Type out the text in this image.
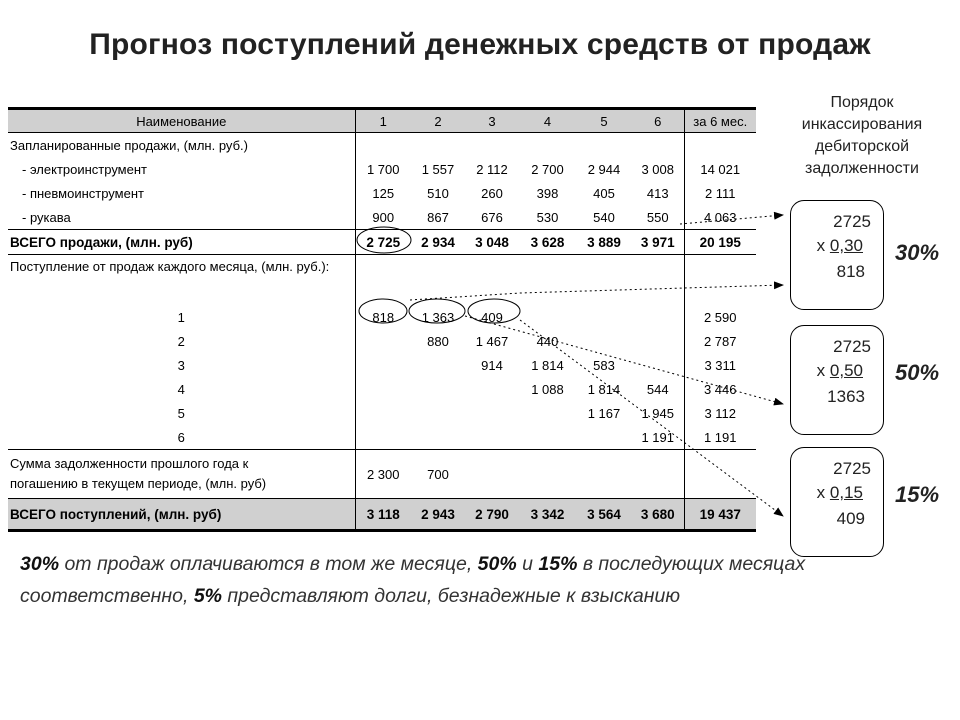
Прогноз поступлений денежных средств от продаж
Наименование	1	2	3	4	5	6	за 6 мес.
Запланированные продажи, (млн. руб.)							
- электроинструмент	1 700	1 557	2 112	2 700	2 944	3 008	14 021
- пневмоинструмент	125	510	260	398	405	413	2 111
- рукава	900	867	676	530	540	550	4 063
ВСЕГО продажи, (млн. руб)	2 725	2 934	3 048	3 628	3 889	3 971	20 195
Поступление от продаж каждого месяца, (млн. руб.):							
1	818	1 363	409				2 590
2		880	1 467	440			2 787
3			914	1 814	583		3 311
4				1 088	1 814	544	3 446
5					1 167	1 945	3 112
6						1 191	1 191
Сумма задолженности прошлого года к
погашению в текущем периоде, (млн. руб)	2 300	700					
ВСЕГО поступлений, (млн. руб)	3 118	2 943	2 790	3 342	3 564	3 680	19 437
Порядок
инкассирования
дебиторской
задолженности
2725
x 0,30
818
30%
2725
x 0,50
1363
50%
2725
x 0,15
409
15%
30% от продаж оплачиваются в том же месяце, 50% и 15% в последующих месяцах соответственно, 5% представляют долги, безнадежные к взысканию
